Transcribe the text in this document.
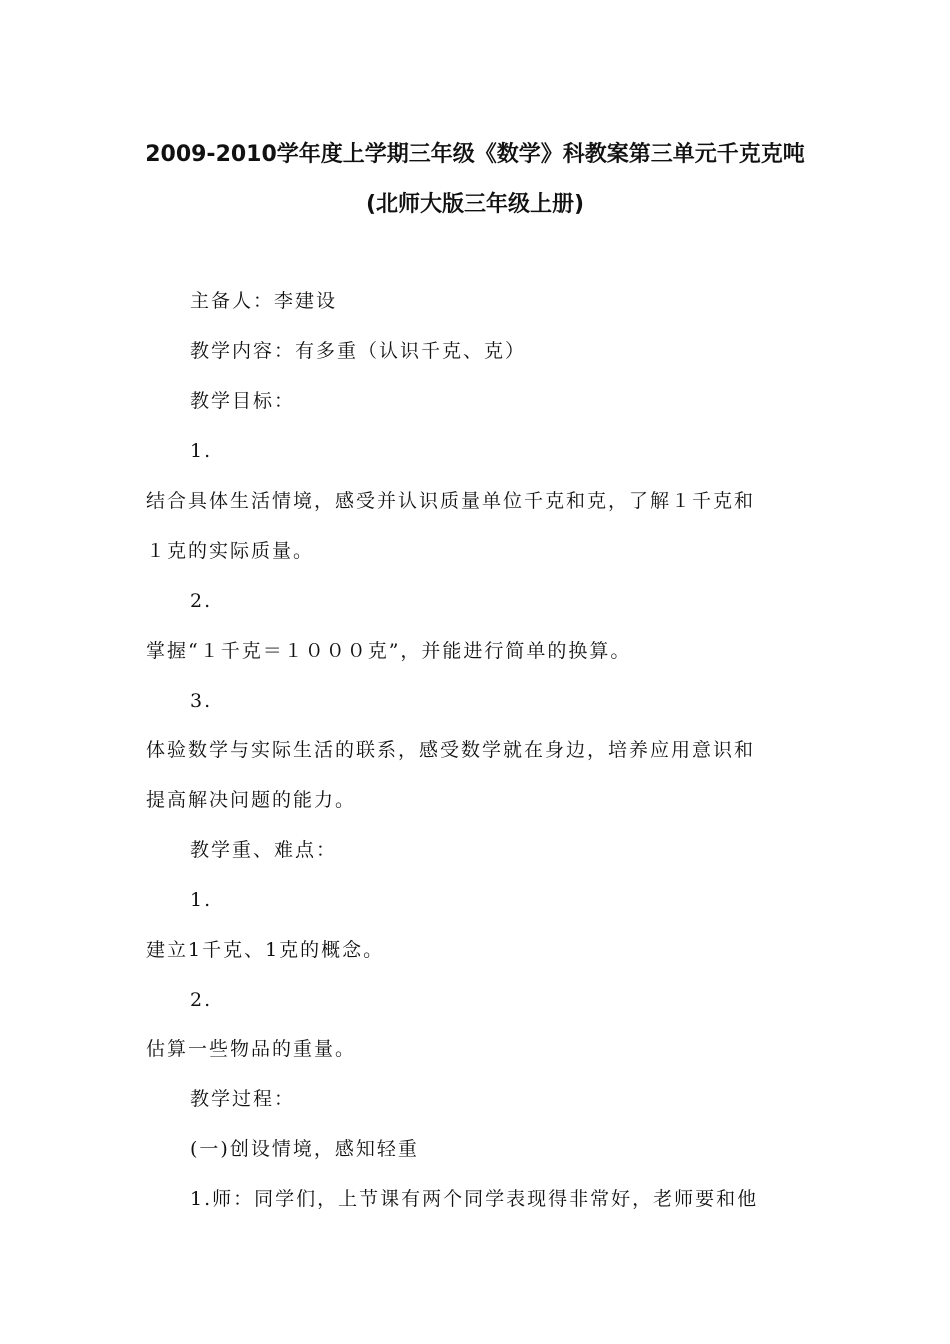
2009-2010学年度上学期三年级《数学》科教案第三单元千克克吨
(北师大版三年级上册)
主备人：李建设
教学内容：有多重（认识千克、克）
教学目标：
1.
结合具体生活情境，感受并认识质量单位千克和克，了解１千克和
１克的实际质量。
2.
掌握“１千克＝１０００克”，并能进行简单的换算。
3.
体验数学与实际生活的联系，感受数学就在身边，培养应用意识和
提高解决问题的能力。
教学重、难点：
1.
建立1千克、1克的概念。
2.
估算一些物品的重量。
教学过程：
(一)创设情境，感知轻重
1.师：同学们，上节课有两个同学表现得非常好，老师要和他
